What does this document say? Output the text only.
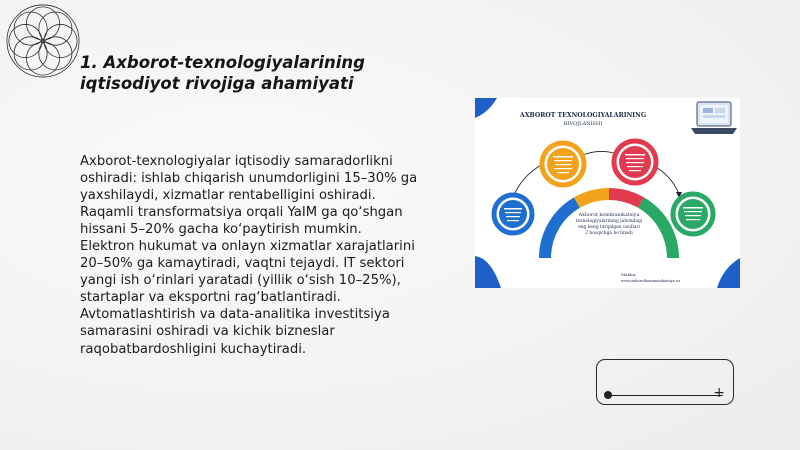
1. Axborot-texnologiyalarining iqtisodiyot rivojiga ahamiyati

Axborot-texnologiyalar iqtisodiy samaradorlikni oshiradi: ishlab chiqarish unumdorligini 15–30% ga yaxshilaydi, xizmatlar rentabelligini oshiradi. Raqamli transformatsiya orqali YaIM ga qo‘shgan hissani 5–20% gacha ko‘paytirish mumkin. Elektron hukumat va onlayn xizmatlar xarajatlarini 20–50% ga kamaytiradi, vaqtni tejaydi. IT sektori yangi ish o‘rinlari yaratadi (yillik o‘sish 10–25%), startaplar va eksportni rag‘batlantiradi. Avtomatlashtirish va data-analitika investitsiya samarasini oshiradi va kichik bizneslar raqobatbardoshligini kuchaytiradi.

AXBOROT TEXNOLOGIYALARINING
RIVOJLANISHI
Axborot kommunikatsiya
texnologiyalarining jahondagi
eng keng tarqalgan usullari
2 bosqichga bo‘linadi
Manba:
www.axborotkommunikatsiya.uz
+
